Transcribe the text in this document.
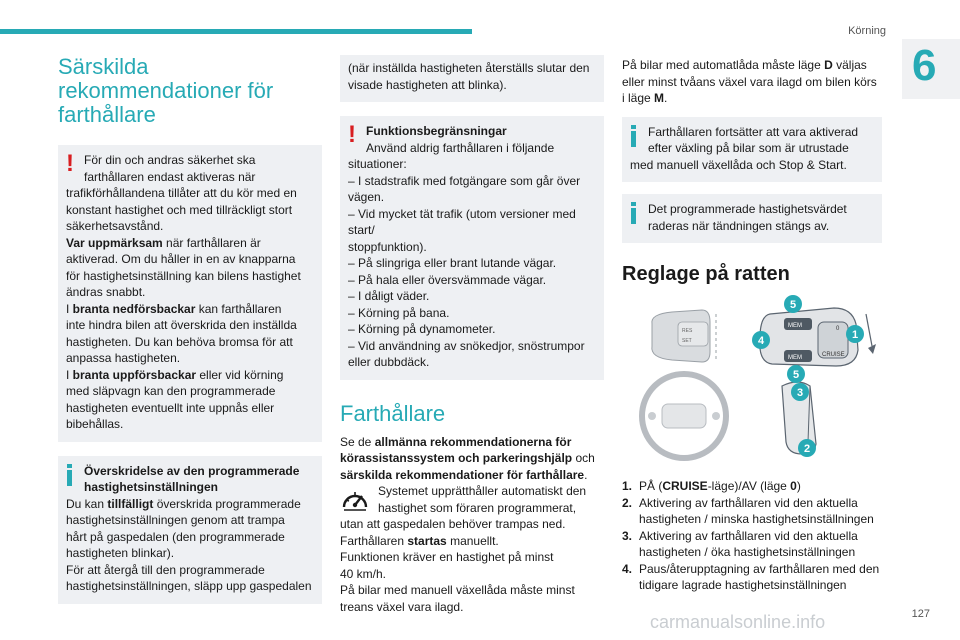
Körning
6
Särskilda
rekommendationer för
farthållare
! För din och andras säkerhet ska
farthållaren endast aktiveras när
trafikförhållandena tillåter att du kör med en
konstant hastighet och med tillräckligt stort
säkerhetsavstånd.
Var uppmärksam när farthållaren är
aktiverad. Om du håller in en av knapparna
för hastighetsinställning kan bilens hastighet
ändras snabbt.
I branta nedförsbackar kan farthållaren
inte hindra bilen att överskrida den inställda
hastigheten. Du kan behöva bromsa för att
anpassa hastigheten.
I branta uppförsbackar eller vid körning
med släpvagn kan den programmerade
hastigheten eventuellt inte uppnås eller
bibehållas.
Överskridelse av den programmerade
hastighetsinställningen
Du kan tillfälligt överskrida programmerade
hastighetsinställningen genom att trampa
hårt på gaspedalen (den programmerade
hastigheten blinkar).
För att återgå till den programmerade
hastighetsinställningen, släpp upp gaspedalen
(när inställda hastigheten återställs slutar den
visade hastigheten att blinka).
! Funktionsbegränsningar
Använd aldrig farthållaren i följande
situationer:
– I stadstrafik med fotgängare som går över
vägen.
– Vid mycket tät trafik (utom versioner med start/
stoppfunktion).
– På slingriga eller brant lutande vägar.
– På hala eller översvämmade vägar.
– I dåligt väder.
– Körning på bana.
– Körning på dynamometer.
– Vid användning av snökedjor, snöstrumpor
eller dubbdäck.
Farthållare
Se de allmänna rekommendationerna för
körassistanssystem och parkeringshjälp och
särskilda rekommendationer för farthållare.
Systemet upprätthåller automatiskt den
hastighet som föraren programmerat,
utan att gaspedalen behöver trampas ned.
Farthållaren startas manuellt.
Funktionen kräver en hastighet på minst
40 km/h.
På bilar med manuell växellåda måste minst
treans växel vara ilagd.
På bilar med automatlåda måste läge D väljas
eller minst tvåans växel vara ilagd om bilen körs
i läge M.
Farthållaren fortsätter att vara aktiverad
efter växling på bilar som är utrustade
med manuell växellåda och Stop & Start.
Det programmerade hastighetsvärdet
raderas när tändningen stängs av.
Reglage på ratten
RES
SET
MEM
MEM	CRUISE
0
5
1
4
5
3
2
1. PÅ (CRUISE-läge)/AV (läge 0)
2. Aktivering av farthållaren vid den aktuella
hastigheten / minska hastighetsinställningen
3. Aktivering av farthållaren vid den aktuella
hastigheten / öka hastighetsinställningen
4. Paus/återupptagning av farthållaren med den
tidigare lagrade hastighetsinställningen
carmanualsonline.info	127
